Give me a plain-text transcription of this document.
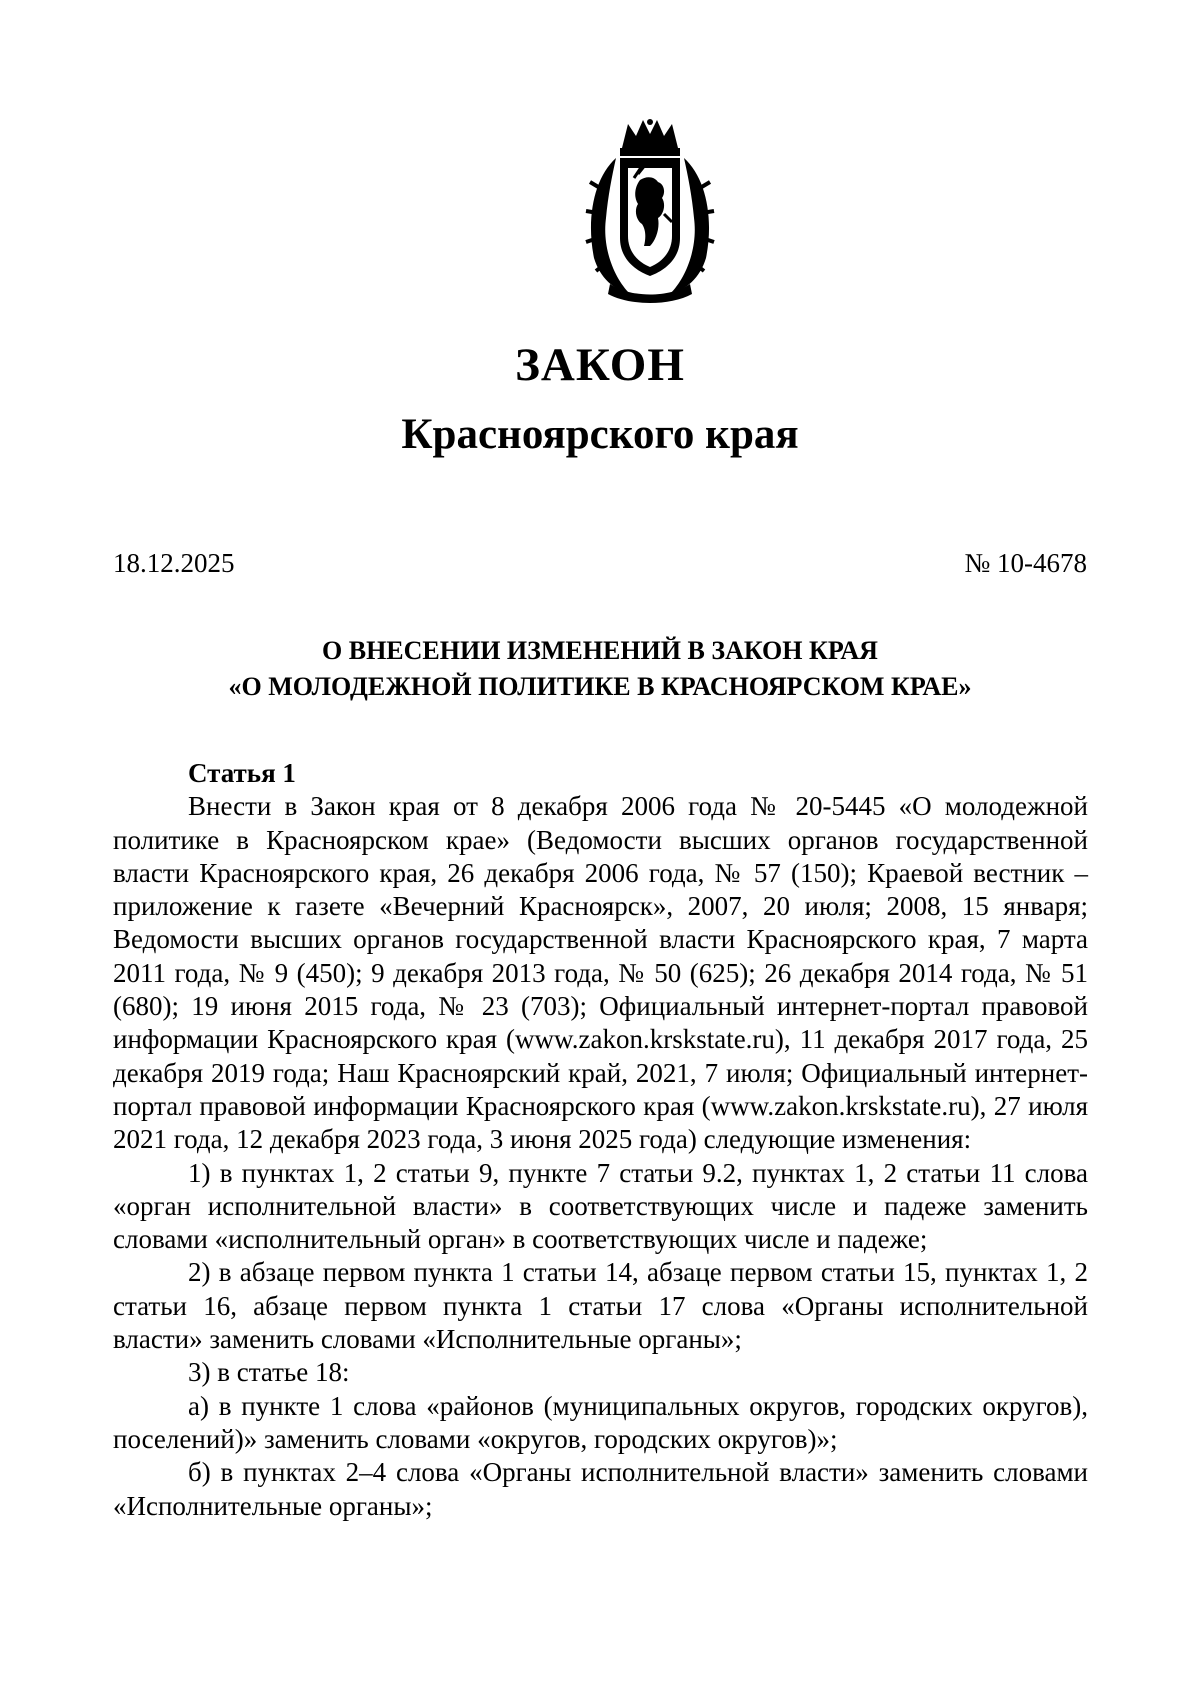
ЗАКОН
Красноярского края
18.12.2025	№ 10-4678
О ВНЕСЕНИИ ИЗМЕНЕНИЙ В ЗАКОН КРАЯ
«О МОЛОДЕЖНОЙ ПОЛИТИКЕ В КРАСНОЯРСКОМ КРАЕ»
Статья 1

Внести в Закон края от 8 декабря 2006 года № 20-5445 «О молодежной политике в Красноярском крае» (Ведомости высших органов государственной власти Красноярского края, 26 декабря 2006 года, № 57 (150); Краевой вестник – приложение к газете «Вечерний Красноярск», 2007, 20 июля; 2008, 15 января; Ведомости высших органов государственной власти Красноярского края, 7 марта 2011 года, № 9 (450); 9 декабря 2013 года, № 50 (625); 26 декабря 2014 года, № 51 (680); 19 июня 2015 года, № 23 (703); Официальный интернет-портал правовой информации Красноярского края (www.zakon.krskstate.ru), 11 декабря 2017 года, 25 декабря 2019 года; Наш Красноярский край, 2021, 7 июля; Официальный интернет-портал правовой информации Красноярского края (www.zakon.krskstate.ru), 27 июля 2021 года, 12 декабря 2023 года, 3 июня 2025 года) следующие изменения:

1) в пунктах 1, 2 статьи 9, пункте 7 статьи 9.2, пунктах 1, 2 статьи 11 слова «орган исполнительной власти» в соответствующих числе и падеже заменить словами «исполнительный орган» в соответствующих числе и падеже;

2) в абзаце первом пункта 1 статьи 14, абзаце первом статьи 15, пунктах 1, 2 статьи 16, абзаце первом пункта 1 статьи 17 слова «Органы исполнительной власти» заменить словами «Исполнительные органы»;

3) в статье 18:

а) в пункте 1 слова «районов (муниципальных округов, городских округов), поселений)» заменить словами «округов, городских округов)»;

б) в пунктах 2–4 слова «Органы исполнительной власти» заменить словами «Исполнительные органы»;
